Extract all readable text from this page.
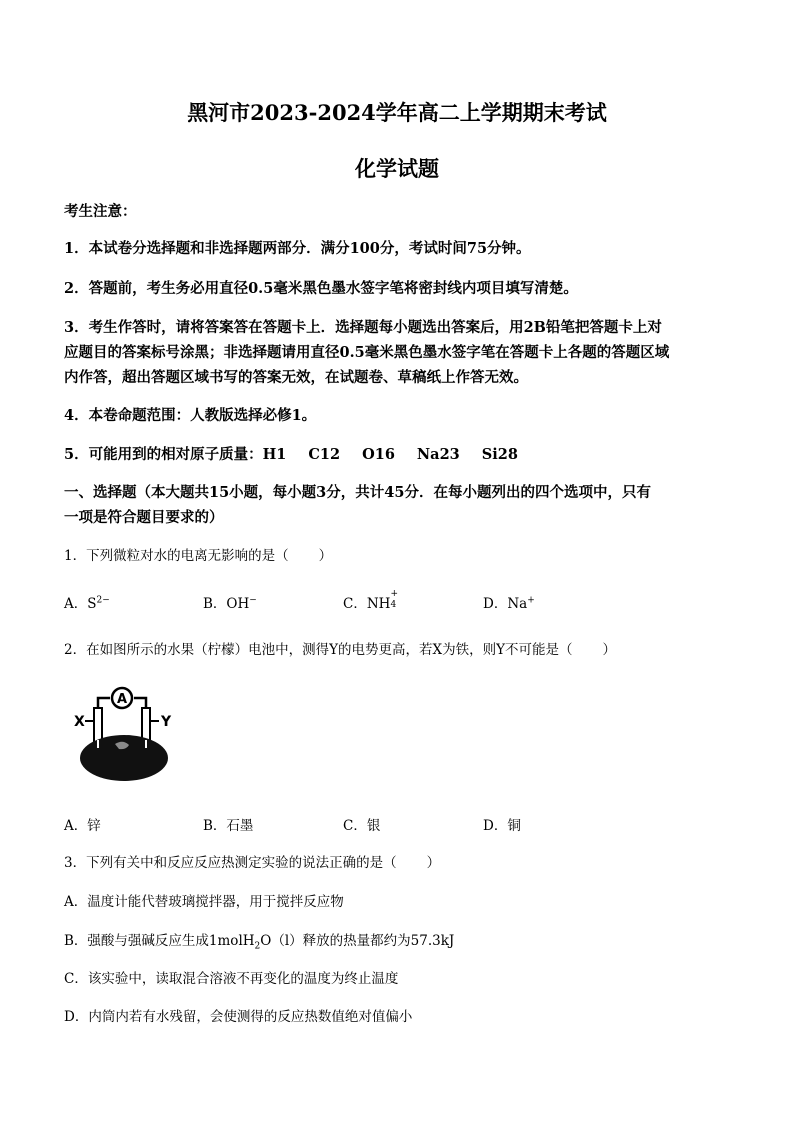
黑河市2023-2024学年高二上学期期末考试
化学试题
考生注意：
1．本试卷分选择题和非选择题两部分．满分100分，考试时间75分钟。
2．答题前，考生务必用直径0.5毫米黑色墨水签字笔将密封线内项目填写清楚。
3．考生作答时，请将答案答在答题卡上．选择题每小题选出答案后，用2B铅笔把答题卡上对
应题目的答案标号涂黑；非选择题请用直径0.5毫米黑色墨水签字笔在答题卡上各题的答题区域
内作答，超出答题区域书写的答案无效，在试题卷、草稿纸上作答无效。
4．本卷命题范围：人教版选择必修1。
5．可能用到的相对原子质量：H1 C12 O16 Na23 Si28
一、选择题（本大题共15小题，每小题3分，共计45分．在每小题列出的四个选项中，只有
一项是符合题目要求的）
1．下列微粒对水的电离无影响的是（ ）
A．$S^{2-}$	B．OH−	C．NH
+
4	D．Na+
2．在如图所示的水果（柠檬）电池中，测得Y的电势更高，若X为铁，则Y不可能是（ ）
A
X	Y
A．锌	B．石墨	C．银	D．铜
3．下列有关中和反应反应热测定实验的说法正确的是（ ）
A．温度计能代替玻璃搅拌器，用于搅拌反应物
B．强酸与强碱反应生成1molH$_2$O（l）释放的热量都约为57.3kJ
C．该实验中，读取混合溶液不再变化的温度为终止温度
D．内筒内若有水残留，会使测得的反应热数值绝对值偏小
